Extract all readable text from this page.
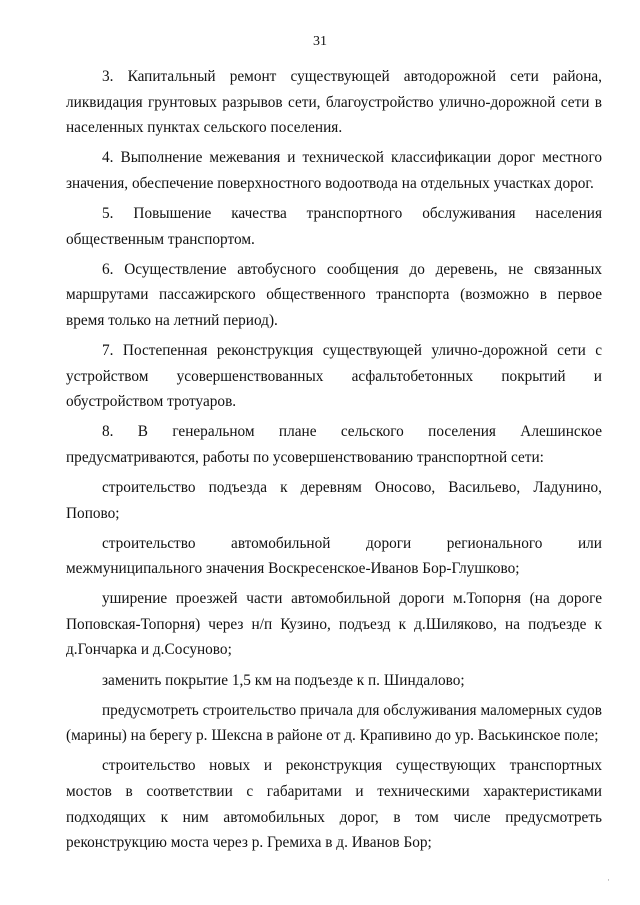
31

3. Капитальный ремонт существующей автодорожной сети района, ликвидация грунтовых разрывов сети, благоустройство улично-дорожной сети в населенных пунктах сельского поселения.

4. Выполнение межевания и технической классификации дорог местного значения, обеспечение поверхностного водоотвода на отдельных участках дорог.

5. Повышение качества транспортного обслуживания населения общественным транспортом.

6. Осуществление автобусного сообщения до деревень, не связанных маршрутами пассажирского общественного транспорта (возможно в первое время только на летний период).

7. Постепенная реконструкция существующей улично-дорожной сети с устройством усовершенствованных асфальтобетонных покрытий и обустройством тротуаров.

8. В генеральном плане сельского поселения Алешинское предусматриваются, работы по усовершенствованию транспортной сети:

строительство подъезда к деревням Оносово, Васильево, Ладунино, Попово;

строительство автомобильной дороги регионального или межмуниципального значения Воскресенское-Иванов Бор-Глушково;

уширение проезжей части автомобильной дороги м.Топорня (на дороге Поповская-Топорня) через н/п Кузино, подъезд к д.Шиляково, на подъезде к д.Гончарка и д.Сосуново;

заменить покрытие 1,5 км на подъезде к п. Шиндалово;

предусмотреть строительство причала для обслуживания маломерных судов (марины) на берегу р. Шексна в районе от д. Крапивино до ур. Васькинское поле;

строительство новых и реконструкция существующих транспортных мостов в соответствии с габаритами и техническими характеристиками подходящих к ним автомобильных дорог, в том числе предусмотреть реконструкцию моста через р. Гремиха в д. Иванов Бор;

·
